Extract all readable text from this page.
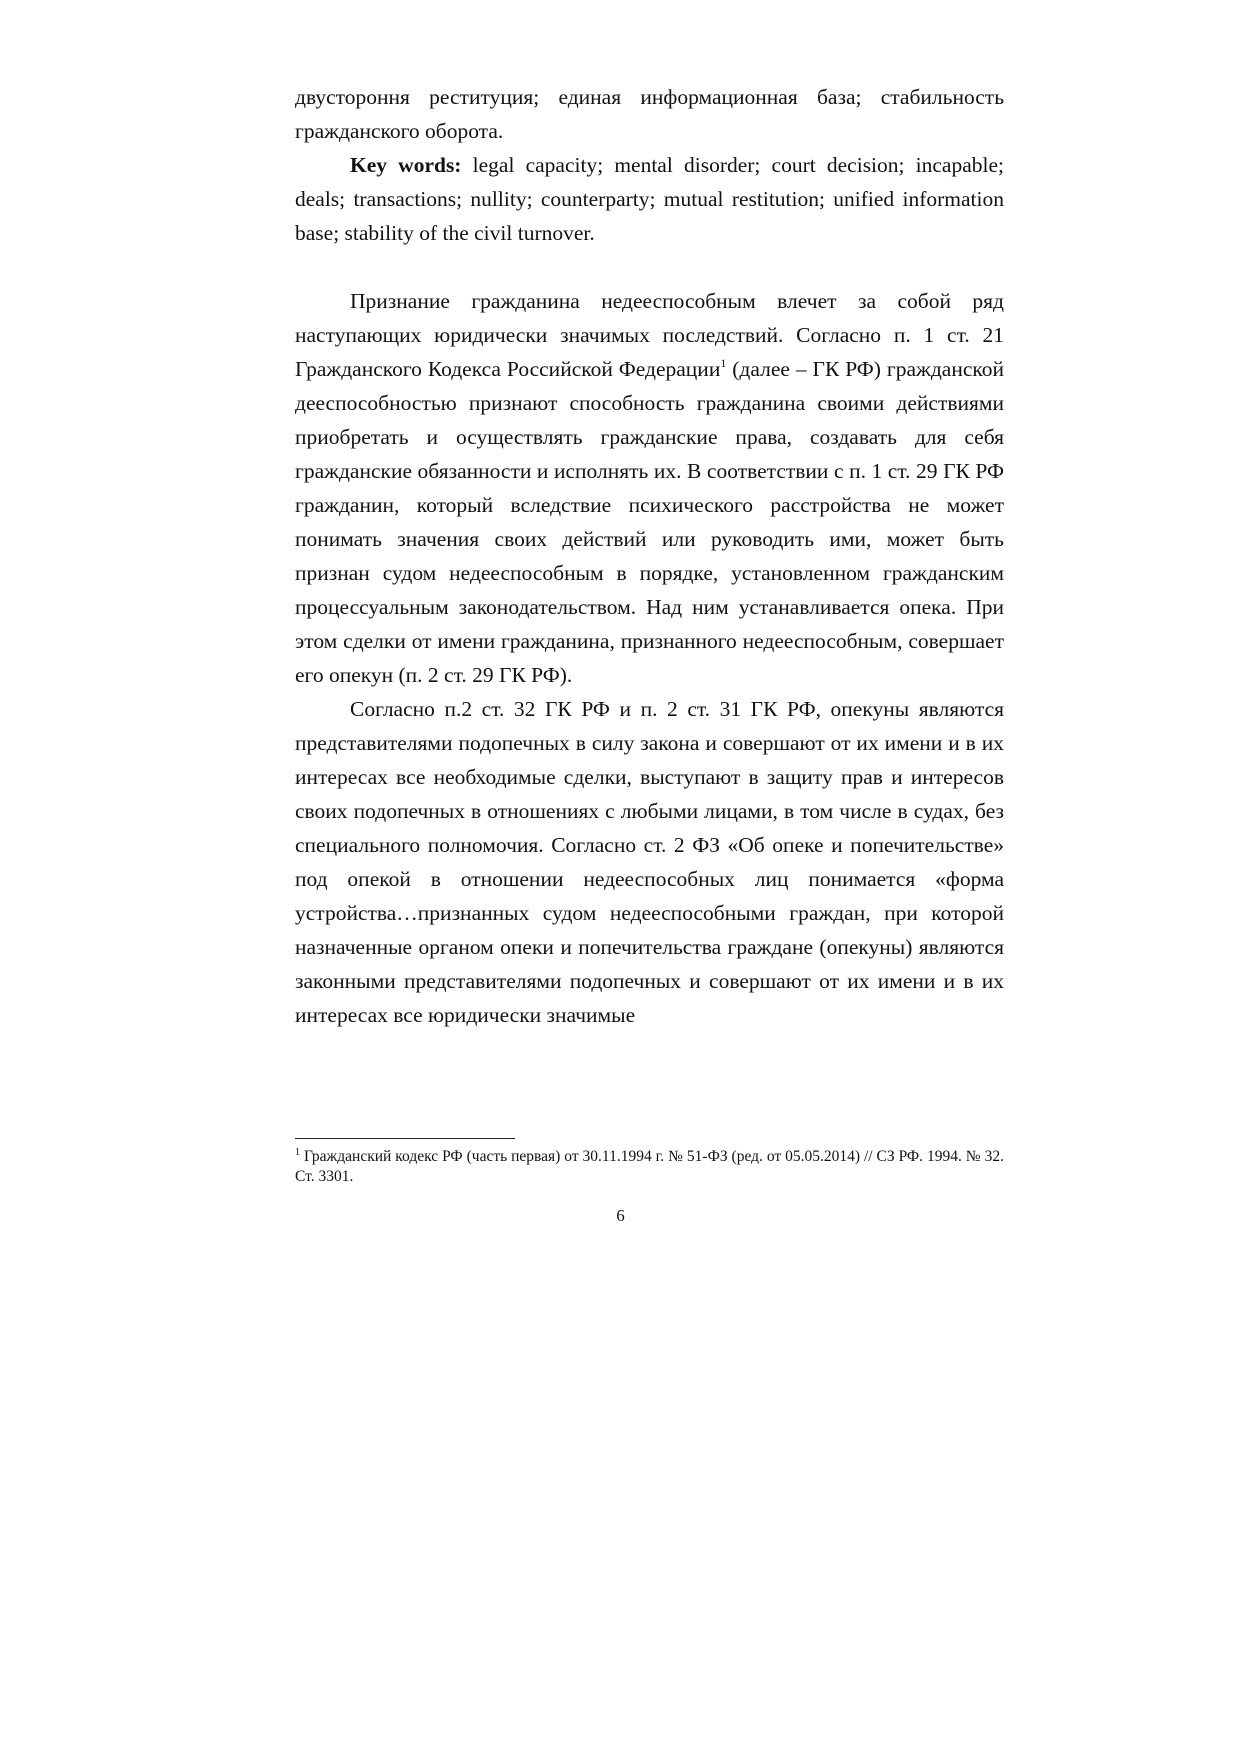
двустороння реституция; единая информационная база; стабильность гражданского оборота.

Key words: legal capacity; mental disorder; court decision; incapable; deals; transactions; nullity; counterparty; mutual restitution; unified information base; stability of the civil turnover.

Признание гражданина недееспособным влечет за собой ряд наступающих юридически значимых последствий. Согласно п. 1 ст. 21 Гражданского Кодекса Российской Федерации$^1$ (далее – ГК РФ) гражданской дееспособностью признают способность гражданина своими действиями приобретать и осуществлять гражданские права, создавать для себя гражданские обязанности и исполнять их. В соответствии с п. 1 ст. 29 ГК РФ гражданин, который вследствие психического расстройства не может понимать значения своих действий или руководить ими, может быть признан судом недееспособным в порядке, установленном гражданским процессуальным законодательством. Над ним устанавливается опека. При этом сделки от имени гражданина, признанного недееспособным, совершает его опекун (п. 2 ст. 29 ГК РФ).

Согласно п.2 ст. 32 ГК РФ и п. 2 ст. 31 ГК РФ, опекуны являются представителями подопечных в силу закона и совершают от их имени и в их интересах все необходимые сделки, выступают в защиту прав и интересов своих подопечных в отношениях с любыми лицами, в том числе в судах, без специального полномочия. Согласно ст. 2 ФЗ «Об опеке и попечительстве» под опекой в отношении недееспособных лиц понимается «форма устройства…признанных судом недееспособными граждан, при которой назначенные органом опеки и попечительства граждане (опекуны) являются законными представителями подопечных и совершают от их имени и в их интересах все юридически значимые

$^1$ Гражданский кодекс РФ (часть первая) от 30.11.1994 г. № 51-ФЗ (ред. от 05.05.2014) // СЗ РФ. 1994. № 32. Ст. 3301.

6
